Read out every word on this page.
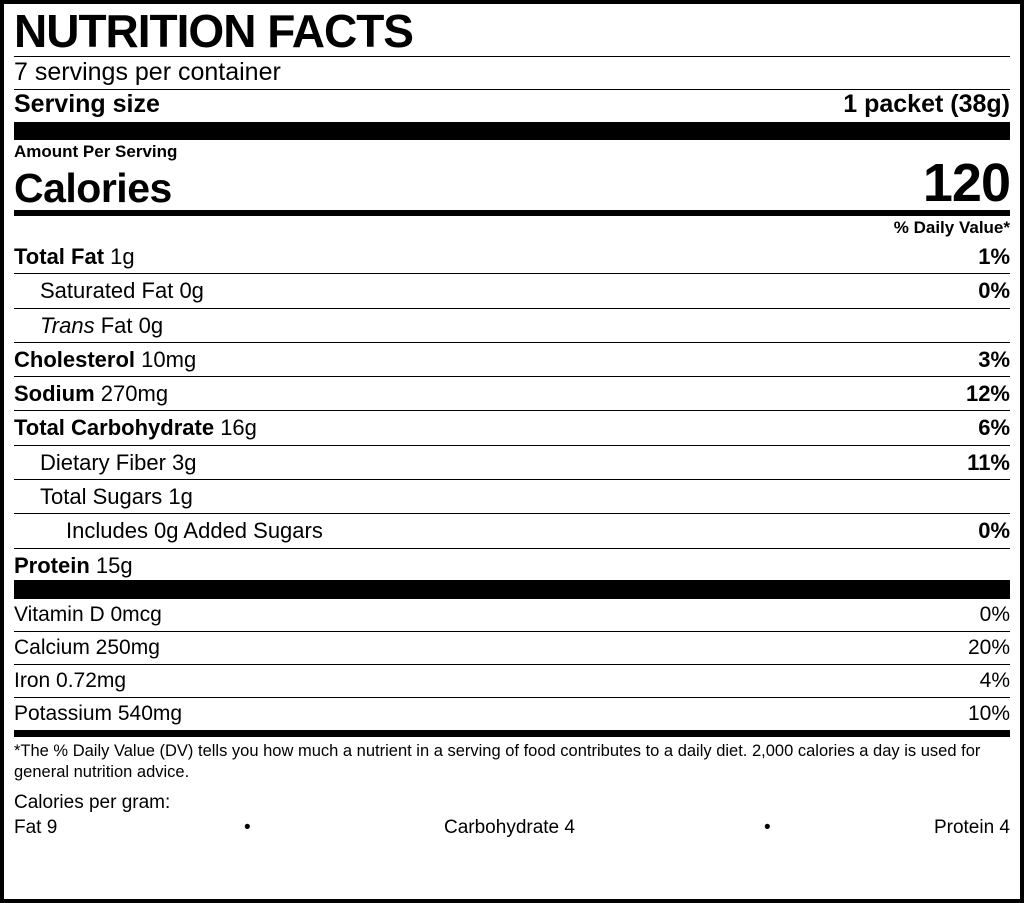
NUTRITION FACTS
7 servings per container
Serving size	1 packet (38g)
Amount Per Serving
Calories	120
% Daily Value*
Total Fat 1g	1%
Saturated Fat 0g	0%
Trans Fat 0g
Cholesterol 10mg	3%
Sodium 270mg	12%
Total Carbohydrate 16g	6%
Dietary Fiber 3g	11%
Total Sugars 1g
Includes 0g Added Sugars	0%
Protein 15g
Vitamin D 0mcg	0%
Calcium 250mg	20%
Iron 0.72mg	4%
Potassium 540mg	10%
*The % Daily Value (DV) tells you how much a nutrient in a serving of food contributes to a daily diet. 2,000 calories a day is used for general nutrition advice.
Calories per gram:
Fat 9	•	Carbohydrate 4	•	Protein 4
